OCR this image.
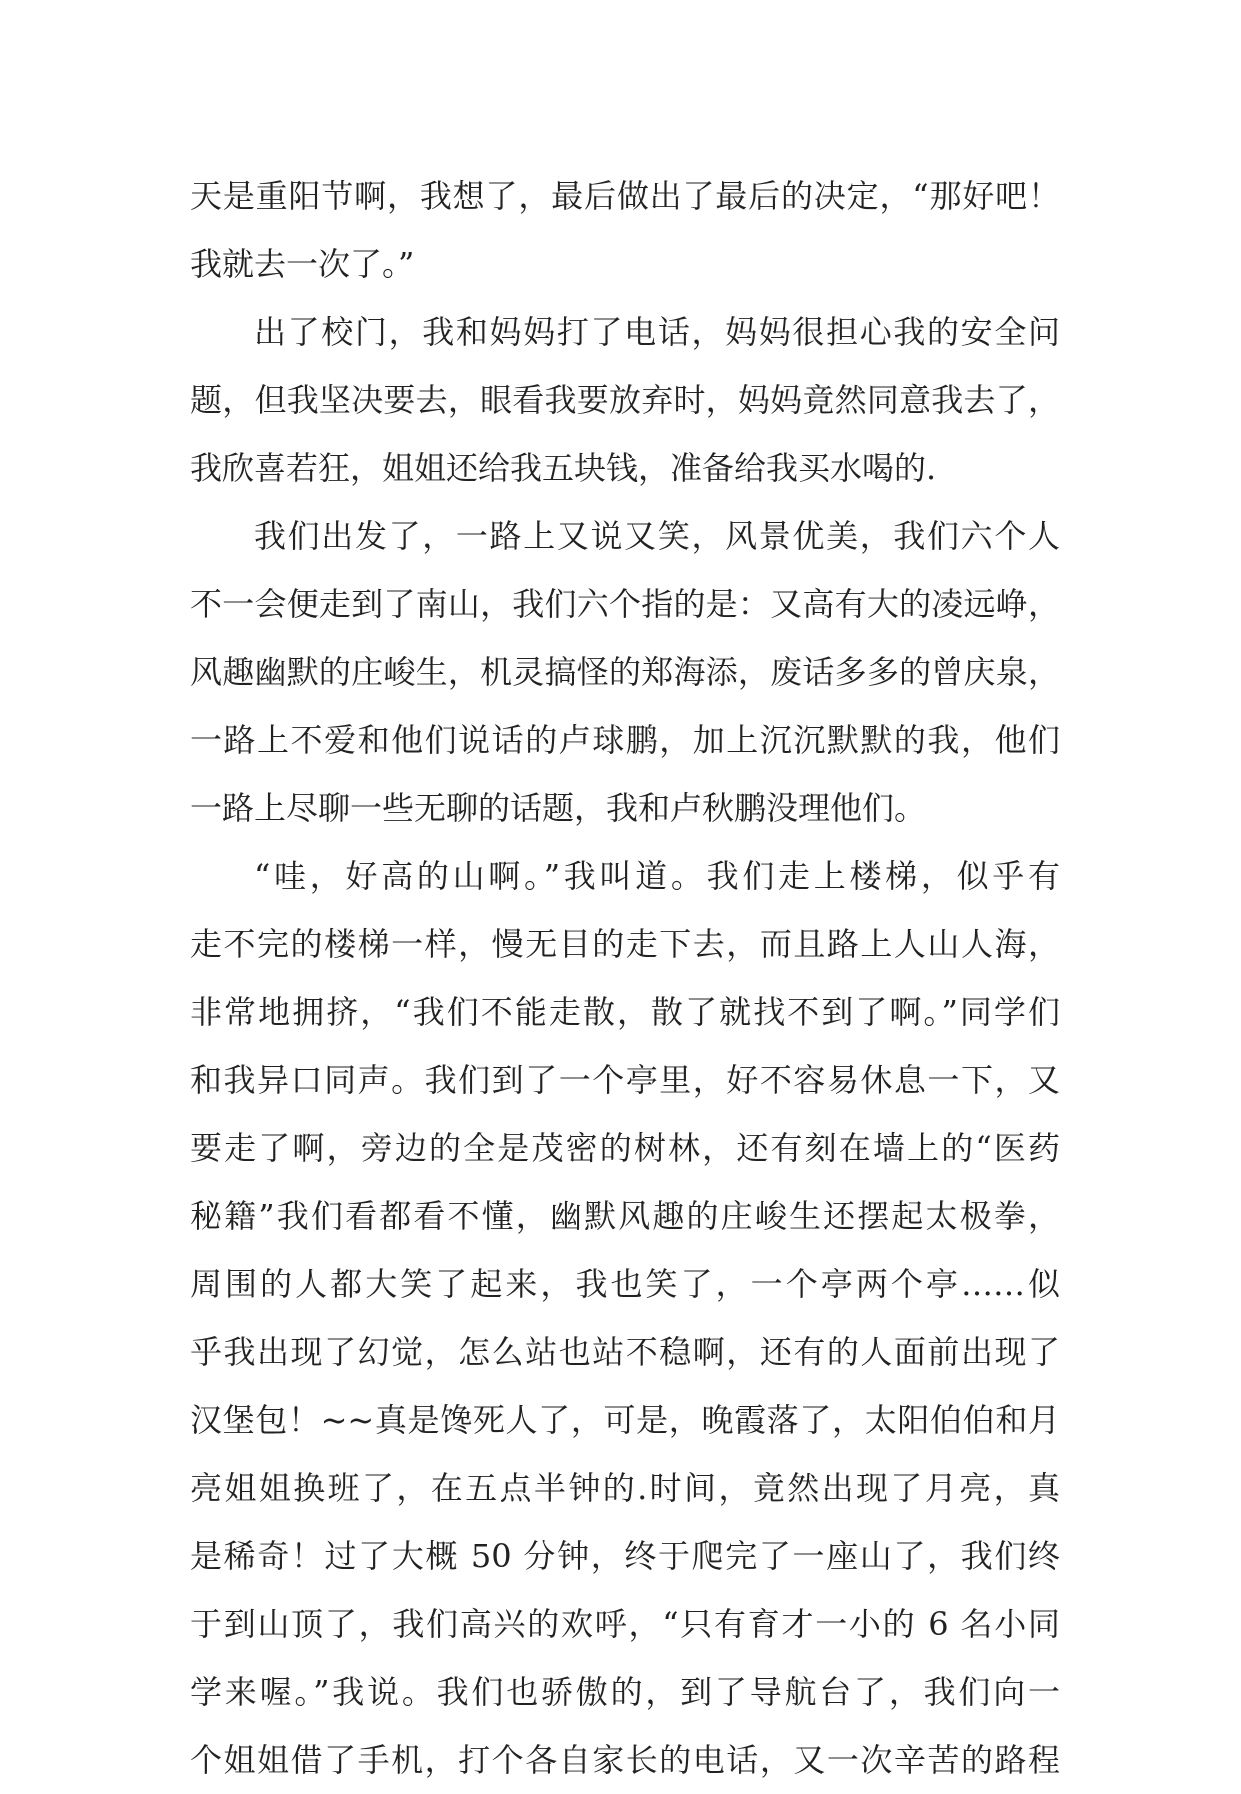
天是重阳节啊，我想了，最后做出了最后的决定，“那好吧！
我就去一次了。”
出了校门，我和妈妈打了电话，妈妈很担心我的安全问
题，但我坚决要去，眼看我要放弃时，妈妈竟然同意我去了，
我欣喜若狂，姐姐还给我五块钱，准备给我买水喝的.
我们出发了，一路上又说又笑，风景优美，我们六个人
不一会便走到了南山，我们六个指的是：又高有大的凌远峥，
风趣幽默的庄峻生，机灵搞怪的郑海添，废话多多的曾庆泉，
一路上不爱和他们说话的卢球鹏，加上沉沉默默的我，他们
一路上尽聊一些无聊的话题，我和卢秋鹏没理他们。
“哇，好高的山啊。”我叫道。我们走上楼梯，似乎有
走不完的楼梯一样，慢无目的走下去，而且路上人山人海，
非常地拥挤，“我们不能走散，散了就找不到了啊。”同学们
和我异口同声。我们到了一个亭里，好不容易休息一下，又
要走了啊，旁边的全是茂密的树林，还有刻在墙上的“医药
秘籍”我们看都看不懂，幽默风趣的庄峻生还摆起太极拳，
周围的人都大笑了起来，我也笑了，一个亭两个亭……似
乎我出现了幻觉，怎么站也站不稳啊，还有的人面前出现了
汉堡包！~~真是馋死人了，可是，晚霞落了，太阳伯伯和月
亮姐姐换班了，在五点半钟的.时间，竟然出现了月亮，真
是稀奇！过了大概 50 分钟，终于爬完了一座山了，我们终
于到山顶了，我们高兴的欢呼，“只有育才一小的 6 名小同
学来喔。”我说。我们也骄傲的，到了导航台了，我们向一
个姐姐借了手机，打个各自家长的电话，又一次辛苦的路程
